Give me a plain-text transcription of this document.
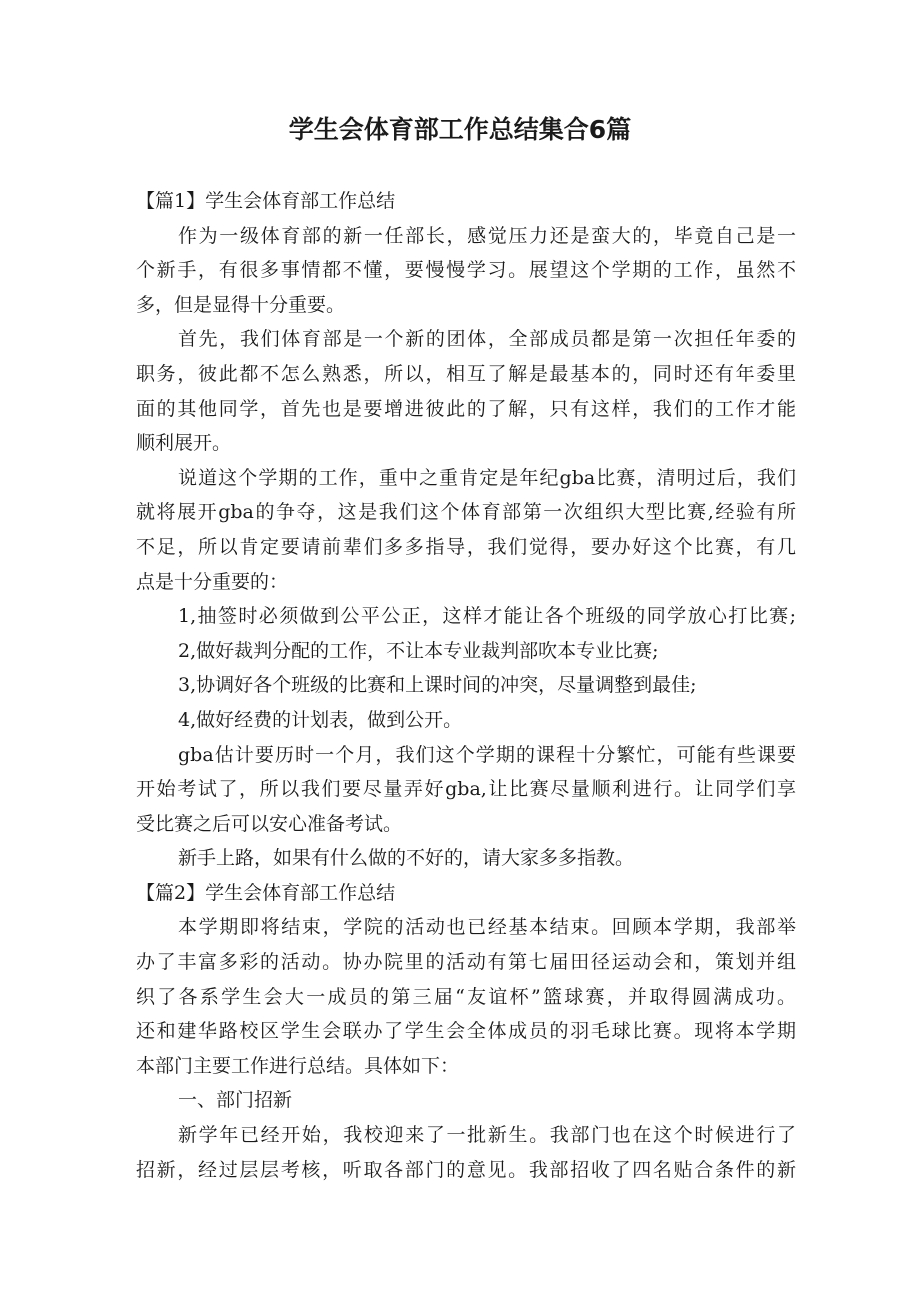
学生会体育部工作总结集合6篇
【篇1】学生会体育部工作总结
作为一级体育部的新一任部长，感觉压力还是蛮大的，毕竟自己是一
个新手，有很多事情都不懂，要慢慢学习。展望这个学期的工作，虽然不
多，但是显得十分重要。
首先，我们体育部是一个新的团体，全部成员都是第一次担任年委的
职务，彼此都不怎么熟悉，所以，相互了解是最基本的，同时还有年委里
面的其他同学，首先也是要增进彼此的了解，只有这样，我们的工作才能
顺利展开。
说道这个学期的工作，重中之重肯定是年纪gba比赛，清明过后，我们
就将展开gba的争夺，这是我们这个体育部第一次组织大型比赛,经验有所
不足，所以肯定要请前辈们多多指导，我们觉得，要办好这个比赛，有几
点是十分重要的：
1,抽签时必须做到公平公正，这样才能让各个班级的同学放心打比赛;
2,做好裁判分配的工作，不让本专业裁判部吹本专业比赛;
3,协调好各个班级的比赛和上课时间的冲突，尽量调整到最佳;
4,做好经费的计划表，做到公开。
gba估计要历时一个月，我们这个学期的课程十分繁忙，可能有些课要
开始考试了，所以我们要尽量弄好gba,让比赛尽量顺利进行。让同学们享
受比赛之后可以安心准备考试。
新手上路，如果有什么做的不好的，请大家多多指教。
【篇2】学生会体育部工作总结
本学期即将结束，学院的活动也已经基本结束。回顾本学期，我部举
办了丰富多彩的活动。协办院里的活动有第七届田径运动会和，策划并组
织了各系学生会大一成员的第三届“友谊杯”篮球赛，并取得圆满成功。
还和建华路校区学生会联办了学生会全体成员的羽毛球比赛。现将本学期
本部门主要工作进行总结。具体如下：
一、部门招新
新学年已经开始，我校迎来了一批新生。我部门也在这个时候进行了
招新，经过层层考核，听取各部门的意见。我部招收了四名贴合条件的新
